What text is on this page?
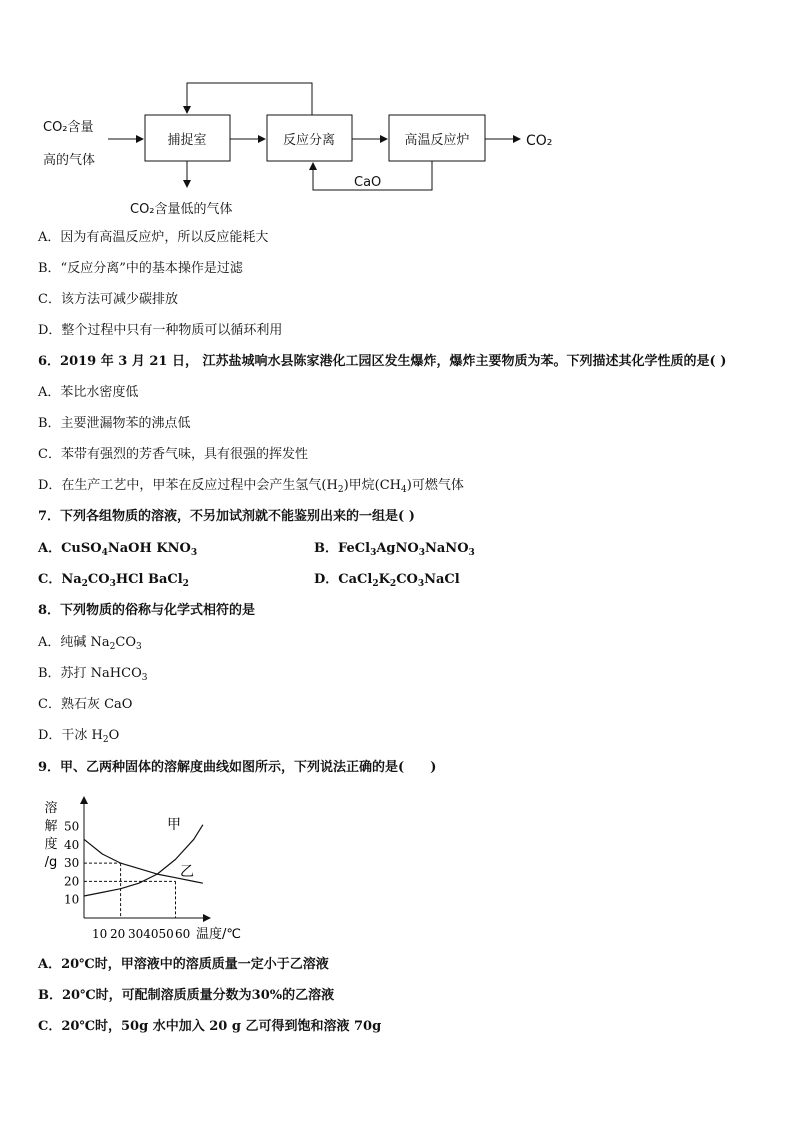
CO₂含量
高的气体
捕捉室	反应分离	高温反应炉	CO₂
CaO
CO₂含量低的气体
A．因为有高温反应炉，所以反应能耗大
B．“反应分离”中的基本操作是过滤
C．该方法可减少碳排放
D．整个过程中只有一种物质可以循环利用
6．2019 年 3 月 21 日， 江苏盐城响水县陈家港化工园区发生爆炸，爆炸主要物质为苯。下列描述其化学性质的是( )
A．苯比水密度低
B．主要泄漏物苯的沸点低
C．苯带有强烈的芳香气味，具有很强的挥发性
D．在生产工艺中，甲苯在反应过程中会产生氢气$(H_2)$甲烷$(CH_4)$可燃气体
7．下列各组物质的溶液，不另加试剂就不能鉴别出来的一组是( )
A．CuSO$_4$NaOH $KNO_3$	B．FeCl$_3$AgNO$_3$NaNO$_3$
C．$Na_2CO_3HCl$ BaCl$_2$	D．$CaCl_2K_2CO_3NaCl$
8．下列物质的俗称与化学式相符的是
A．纯碱 $Na_2CO_3$
B．苏打 NaHCO$_3$
C．熟石灰 CaO
D．干冰 $H_2O$
9．甲、乙两种固体的溶解度曲线如图所示，下列说法正确的是(　　)
溶
解
度
/g
温度/℃
10
20
30
40
50
10 20 304050 60
甲
乙
A．20℃时，甲溶液中的溶质质量一定小于乙溶液
B．20℃时，可配制溶质质量分数为30%的乙溶液
C．20℃时，50g 水中加入 20 g 乙可得到饱和溶液 70g
